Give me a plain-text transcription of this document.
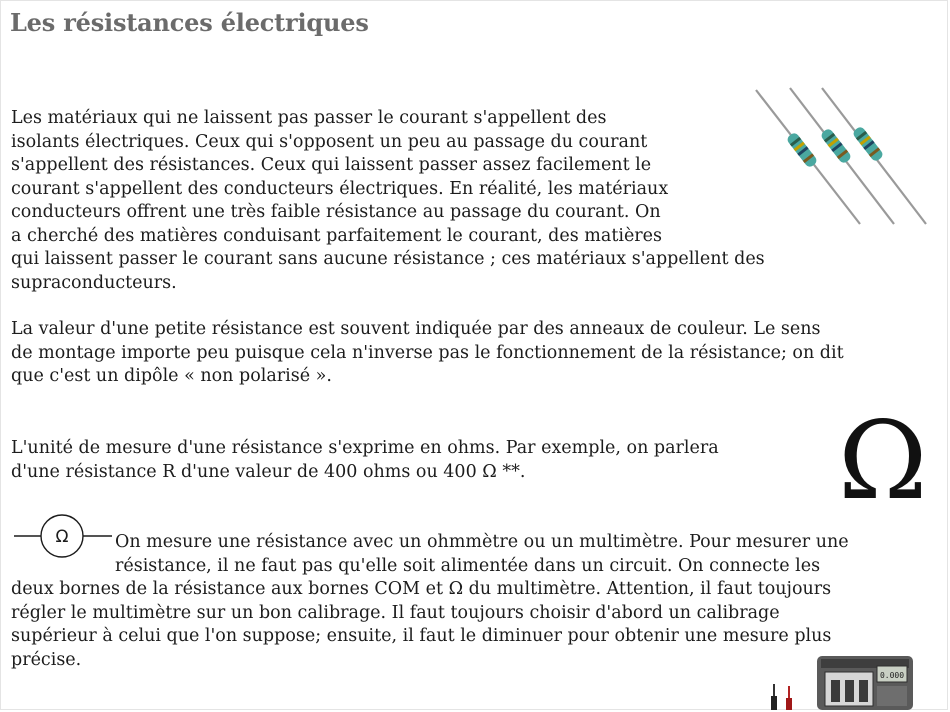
Les résistances électriques
Les matériaux qui ne laissent pas passer le courant s'appellent des
isolants électriques. Ceux qui s'opposent un peu au passage du courant
s'appellent des résistances. Ceux qui laissent passer assez facilement le
courant s'appellent des conducteurs électriques. En réalité, les matériaux
conducteurs offrent une très faible résistance au passage du courant. On
a cherché des matières conduisant parfaitement le courant, des matières
qui laissent passer le courant sans aucune résistance ; ces matériaux s'appellent des
supraconducteurs.
La valeur d'une petite résistance est souvent indiquée par des anneaux de couleur. Le sens
de montage importe peu puisque cela n'inverse pas le fonctionnement de la résistance; on dit
que c'est un dipôle « non polarisé ».
L'unité de mesure d'une résistance s'exprime en ohms. Par exemple, on parlera
d'une résistance R d'une valeur de 400 ohms ou 400 Ω **.	Ω
Ω	On mesure une résistance avec un ohmmètre ou un multimètre. Pour mesurer une
résistance, il ne faut pas qu'elle soit alimentée dans un circuit. On connecte les
deux bornes de la résistance aux bornes COM et Ω du multimètre. Attention, il faut toujours
régler le multimètre sur un bon calibrage. Il faut toujours choisir d'abord un calibrage
supérieur à celui que l'on suppose; ensuite, il faut le diminuer pour obtenir une mesure plus
précise.
0.000
